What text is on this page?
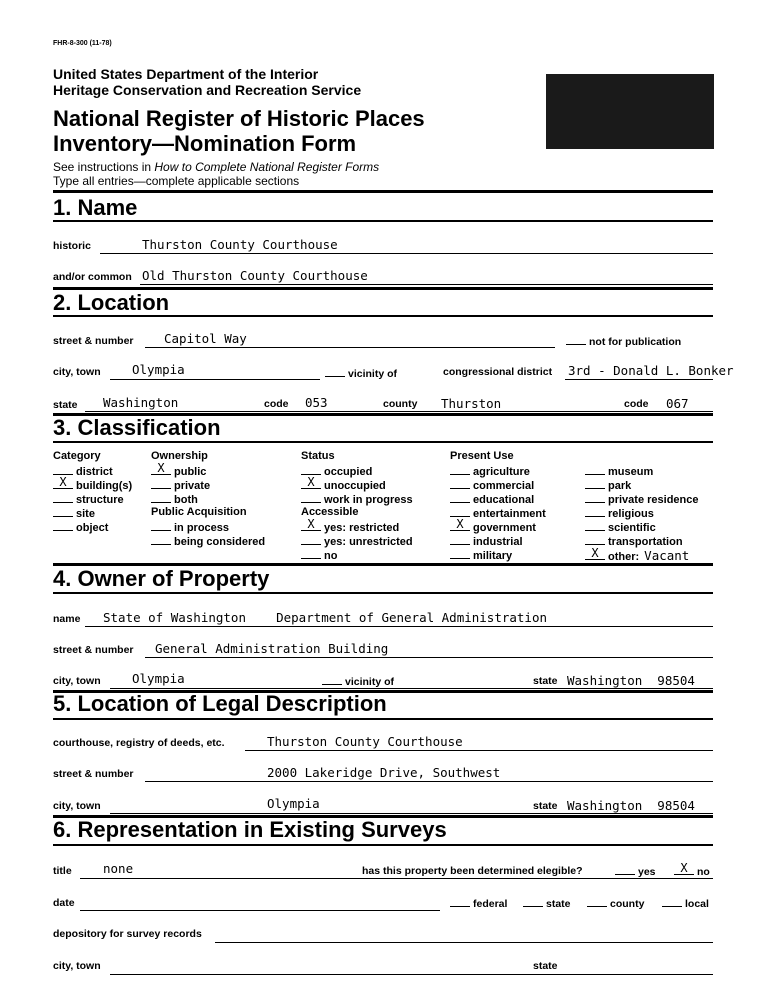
FHR-8-300 (11-78)
United States Department of the Interior
Heritage Conservation and Recreation Service
National Register of Historic Places
Inventory—Nomination Form
See instructions in How to Complete National Register Forms
Type all entries—complete applicable sections
1. Name
historic	Thurston County Courthouse
and/or common Old Thurston County Courthouse
2. Location
street & number Capitol Way	not for publication
city, town	Olympia	vicinity of	congressional district 3rd - Donald L. Bonker
state Washington	code 053	county Thurston	code 067
3. Classification
Category
district
X building(s)
structure
site
object
Ownership
X public
private
both
Public Acquisition
in process
being considered
Status
occupied
X unoccupied
work in progress
Accessible
X yes: restricted
yes: unrestricted
no
Present Use
agriculture
commercial
educational
entertainment
X government
industrial
military
museum
park
private residence
religious
scientific
transportation
X other: Vacant
4. Owner of Property
name State of Washington    Department of General Administration
street & number General Administration Building
city, town	Olympia	vicinity of	state Washington  98504
5. Location of Legal Description
courthouse, registry of deeds, etc.	Thurston County Courthouse
street & number	2000 Lakeridge Drive, Southwest
city, town	Olympia	state Washington  98504
6. Representation in Existing Surveys
title	none	has this property been determined elegible?	yes	X no
date	federal	state	county	local
depository for survey records
city, town	state
